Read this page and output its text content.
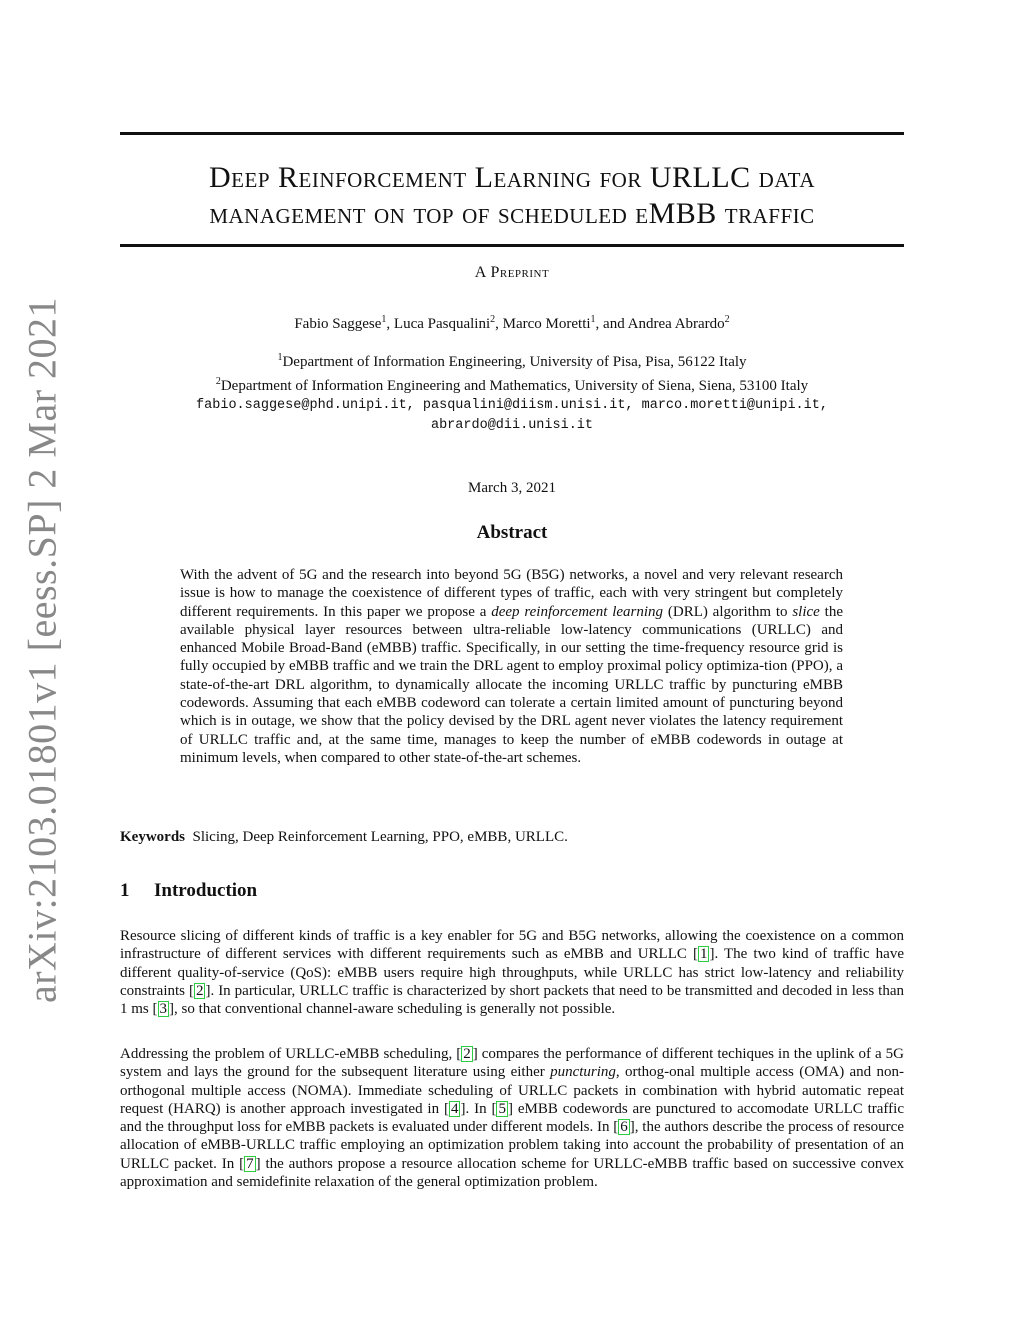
arXiv:2103.01801v1 [eess.SP] 2 Mar 2021
Deep Reinforcement Learning for URLLC data
management on top of scheduled eMBB traffic
A Preprint
Fabio Saggese$^1$, Luca Pasqualini$^2$, Marco Moretti$^1$, and Andrea Abrardo$^2$
$^1$Department of Information Engineering, University of Pisa, Pisa, 56122 Italy
$^2$Department of Information Engineering and Mathematics, University of Siena, Siena, 53100 Italy
fabio.saggese@phd.unipi.it, pasqualini@diism.unisi.it, marco.moretti@unipi.it,
abrardo@dii.unisi.it
March 3, 2021
Abstract

With the advent of 5G and the research into beyond 5G (B5G) networks, a novel and very relevant research issue is how to manage the coexistence of different types of traffic, each with very stringent but completely different requirements. In this paper we propose a deep reinforcement learning (DRL) algorithm to slice the available physical layer resources between ultra-reliable low-latency communications (URLLC) and enhanced Mobile Broad-Band (eMBB) traffic. Specifically, in our setting the time-frequency resource grid is fully occupied by eMBB traffic and we train the DRL agent to employ proximal policy optimiza-tion (PPO), a state-of-the-art DRL algorithm, to dynamically allocate the incoming URLLC traffic by puncturing eMBB codewords. Assuming that each eMBB codeword can tolerate a certain limited amount of puncturing beyond which is in outage, we show that the policy devised by the DRL agent never violates the latency requirement of URLLC traffic and, at the same time, manages to keep the number of eMBB codewords in outage at minimum levels, when compared to other state-of-the-art schemes.

Keywords Slicing, Deep Reinforcement Learning, PPO, eMBB, URLLC.
1 Introduction

Resource slicing of different kinds of traffic is a key enabler for 5G and B5G networks, allowing the coexistence on a common infrastructure of different services with different requirements such as eMBB and URLLC [ 1 ]. The two kind of traffic have different quality-of-service (QoS): eMBB users require high throughputs, while URLLC has strict low-latency and reliability constraints [ 2 ]. In particular, URLLC traffic is characterized by short packets that need to be transmitted and decoded in less than 1 ms [ 3 ], so that conventional channel-aware scheduling is generally not possible.

Addressing the problem of URLLC-eMBB scheduling, [ 2 ] compares the performance of different techiques in the uplink of a 5G system and lays the ground for the subsequent literature using either puncturing, orthog-onal multiple access (OMA) and non-orthogonal multiple access (NOMA). Immediate scheduling of URLLC packets in combination with hybrid automatic repeat request (HARQ) is another approach investigated in [ 4 ]. In [ 5 ] eMBB codewords are punctured to accomodate URLLC traffic and the throughput loss for eMBB packets is evaluated under different models. In [ 6 ], the authors describe the process of resource allocation of eMBB-URLLC traffic employing an optimization problem taking into account the probability of presentation of an URLLC packet. In [ 7 ] the authors propose a resource allocation scheme for URLLC-eMBB traffic based on successive convex approximation and semidefinite relaxation of the general optimization problem.
